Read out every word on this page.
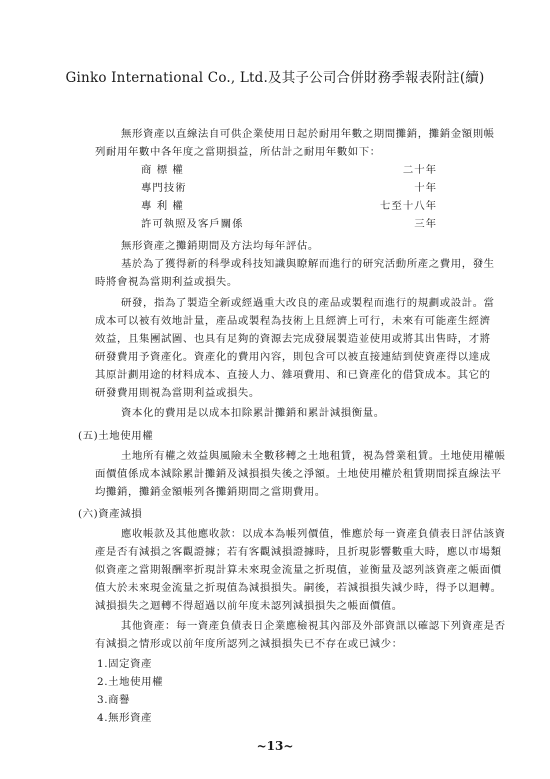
Ginko International Co., Ltd.及其子公司合併財務季報表附註(續)
無形資產以直線法自可供企業使用日起於耐用年數之期間攤銷，攤銷金額則帳
列耐用年數中各年度之當期損益，所估計之耐用年數如下：
商 標 權	二十年
專門技術	十年
專 利 權	七至十八年
許可執照及客戶關係	三年
無形資產之攤銷期間及方法均每年評估。
基於為了獲得新的科學或科技知識與瞭解而進行的研究活動所產之費用，發生
時將會視為當期利益或損失。
研發，指為了製造全新或經過重大改良的產品或製程而進行的規劃或設計。當
成本可以被有效地計量，產品或製程為技術上且經濟上可行，未來有可能產生經濟
效益，且集團試圖、也具有足夠的資源去完成發展製造並使用或將其出售時，才將
研發費用予資產化。資產化的費用內容，則包含可以被直接連結到使資產得以達成
其原計劃用途的材料成本、直接人力、雜項費用、和已資產化的借貸成本。其它的
研發費用則視為當期利益或損失。
資本化的費用是以成本扣除累計攤銷和累計減損衡量。
(五)土地使用權
土地所有權之效益與風險未全數移轉之土地租賃，視為營業租賃。土地使用權帳
面價值係成本減除累計攤銷及減損損失後之淨額。土地使用權於租賃期間採直線法平
均攤銷，攤銷金額帳列各攤銷期間之當期費用。
(六)資產減損
應收帳款及其他應收款：以成本為帳列價值，惟應於每一資產負債表日評估該資
產是否有減損之客觀證據；若有客觀減損證據時，且折現影響數重大時，應以市場類
似資產之當期報酬率折現計算未來現金流量之折現值，並衡量及認列該資產之帳面價
值大於未來現金流量之折現值為減損損失。嗣後，若減損損失減少時，得予以迴轉。
減損損失之迴轉不得超過以前年度未認列減損損失之帳面價值。
其他資產：每一資產負債表日企業應檢視其內部及外部資訊以確認下列資產是否
有減損之情形或以前年度所認列之減損損失已不存在或已減少：
1.固定資產
2.土地使用權
3.商譽
4.無形資產
~13~
